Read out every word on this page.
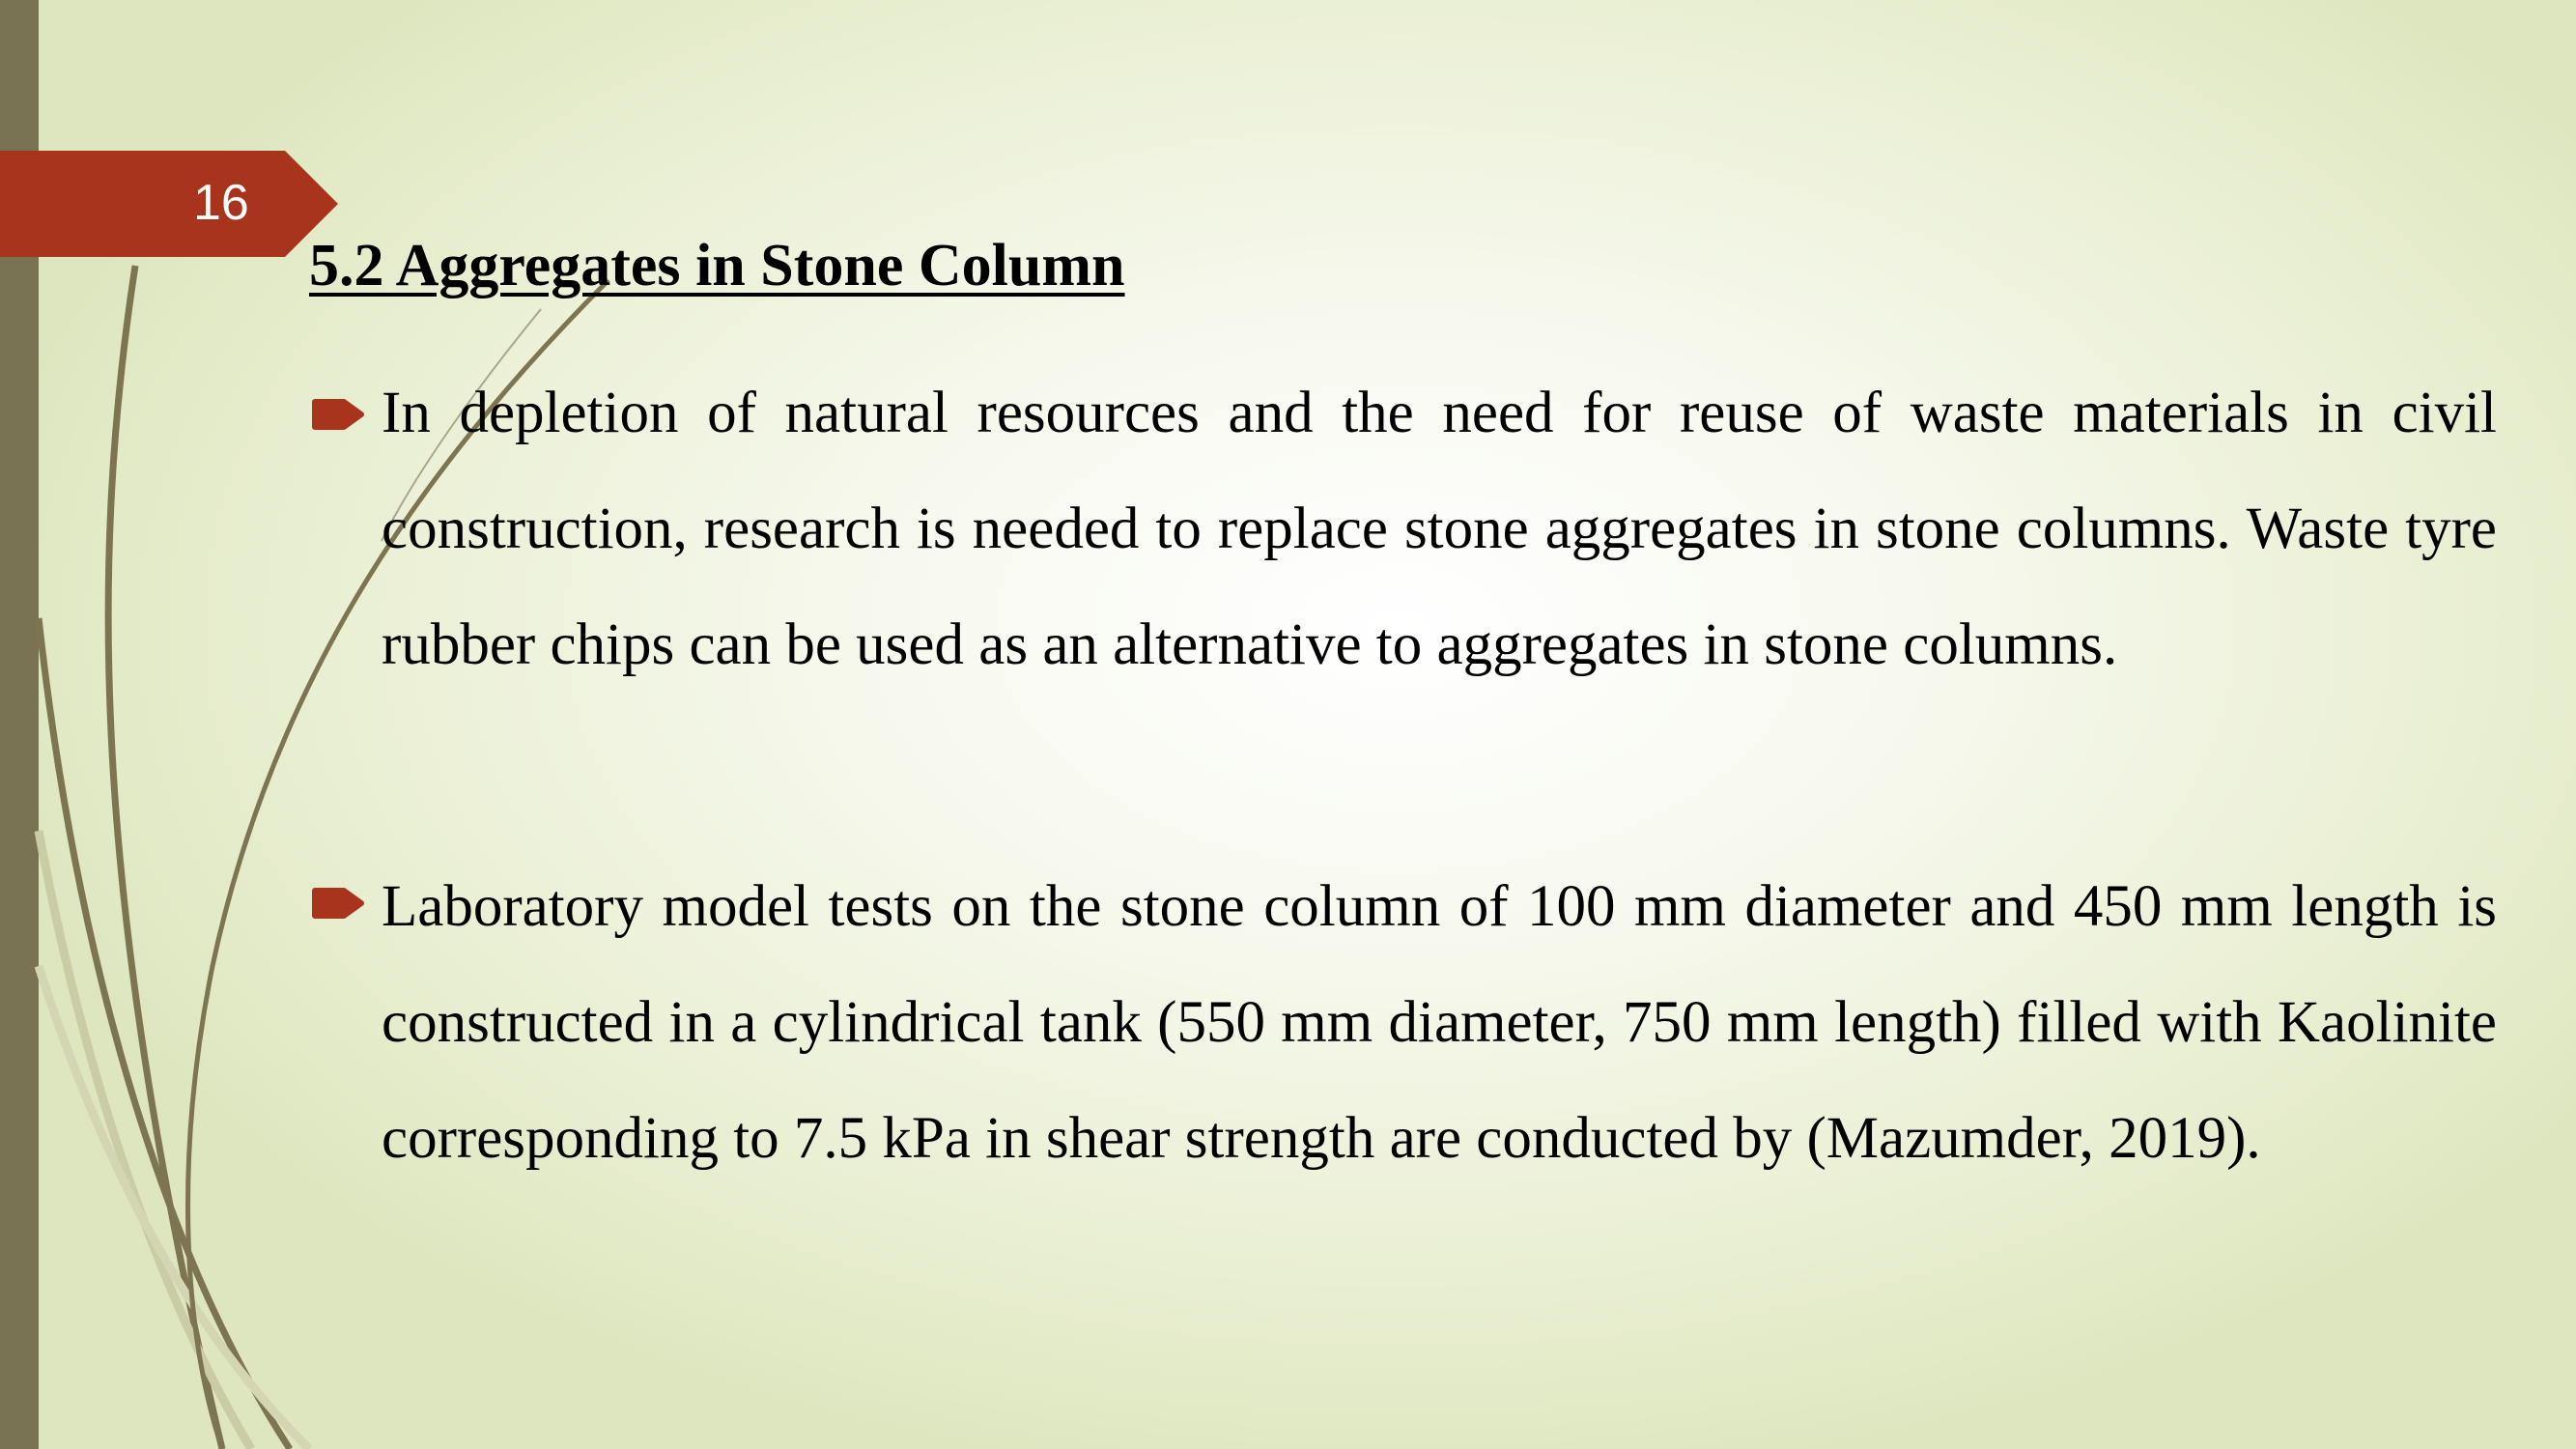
16
5.2 Aggregates in Stone Column

In depletion of natural resources and the need for reuse of waste materials in civil construction, research is needed to replace stone aggregates in stone columns. Waste tyre rubber chips can be used as an alternative to aggregates in stone columns.

Laboratory model tests on the stone column of 100 mm diameter and 450 mm length is constructed in a cylindrical tank (550 mm diameter, 750 mm length) filled with Kaolinite corresponding to 7.5 kPa in shear strength are conducted by (Mazumder, 2019).
